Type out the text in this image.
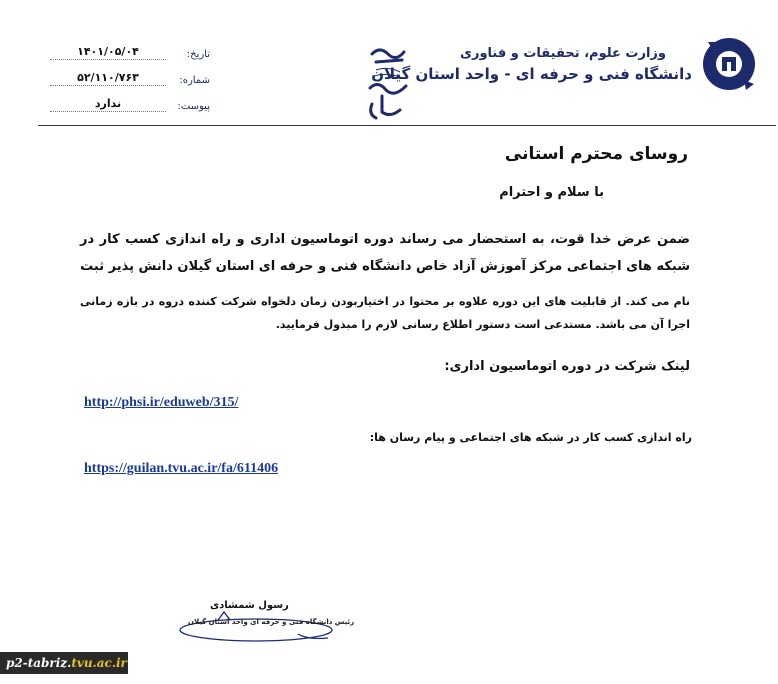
وزارت علوم، تحقیقات و فناوری
دانشگاه فنی و حرفه ای - واحد استان گیلان
تاریخ:
۱۴۰۱/۰۵/۰۴
شماره:
۵۲/۱۱۰/۷۶۳
پیوست:
ندارد
روسای محترم استانی
با سلام و احترام
ضمن عرض خدا قوت، به استحضار می رساند دوره اتوماسیون اداری و راه اندازی کسب کار در شبکه های اجتماعی مرکز آموزش آزاد خاص دانشگاه فنی و حرفه ای استان گیلان دانش پذیر ثبت
نام می کند. از قابلیت های این دوره علاوه بر محتوا در اختیاربودن زمان دلخواه شرکت کننده دروه در بازه زمانی اجرا آن می باشد. مستدعی است دستور اطلاع رسانی لازم را مبذول فرمایید.
لینک شرکت در دوره اتوماسیون اداری:
http://phsi.ir/eduweb/315/
راه اندازی کسب کار در شبکه های اجتماعی و پیام رسان ها:
https://guilan.tvu.ac.ir/fa/611406
رسول شمشادی
رئیس دانشگاه فنی و حرفه ای واحد استان گیلان
p2-tabriz.tvu.ac.ir
